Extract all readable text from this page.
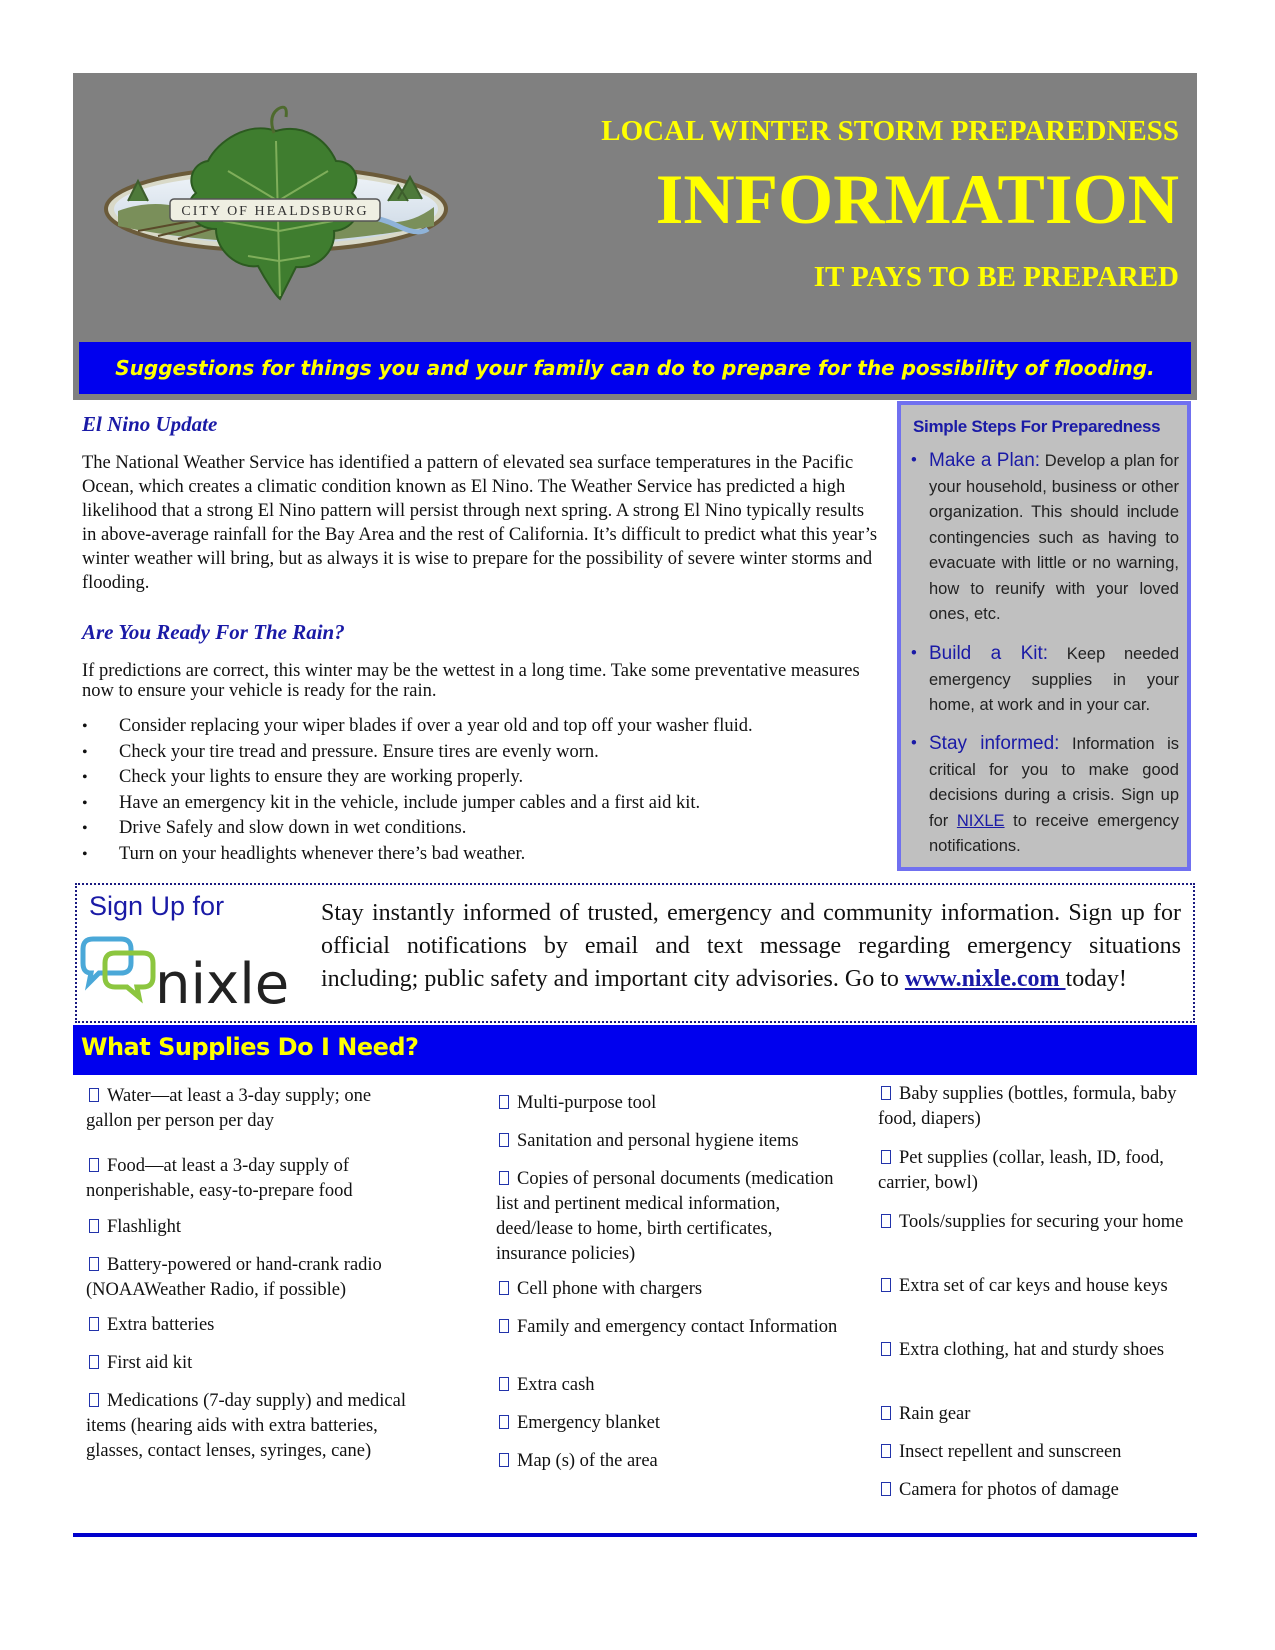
CITY OF HEALDSBURG
LOCAL WINTER STORM PREPAREDNESS
INFORMATION
IT PAYS TO BE PREPARED
Suggestions for things you and your family can do to prepare for the possibility of flooding.
El Nino Update
The National Weather Service has identified a pattern of elevated sea surface temperatures in the Pacific Ocean, which creates a climatic condition known as El Nino. The Weather Service has predicted a high likelihood that a strong El Nino pattern will persist through next spring. A strong El Nino typically results in above-average rainfall for the Bay Area and the rest of California. It’s difficult to predict what this year’s winter weather will bring, but as always it is wise to prepare for the possibility of severe winter storms and flooding.
Are You Ready For The Rain?
If predictions are correct, this winter may be the wettest in a long time. Take some preventative measures now to ensure your vehicle is ready for the rain.
• Consider replacing your wiper blades if over a year old and top off your washer fluid.
• Check your tire tread and pressure. Ensure tires are evenly worn.
• Check your lights to ensure they are working properly.
• Have an emergency kit in the vehicle, include jumper cables and a first aid kit.
• Drive Safely and slow down in wet conditions.
• Turn on your headlights whenever there’s bad weather.
Simple Steps For Preparedness
• Make a Plan: Develop a plan for your household, business or other organization. This should include contingencies such as having to evacuate with little or no warning, how to reunify with your loved ones, etc.
• Build a Kit: Keep needed emergency supplies in your home, at work and in your car.
• Stay informed: Information is critical for you to make good decisions during a crisis. Sign up for NIXLE to receive emergency notifications.
Sign Up for
nixle
Stay instantly informed of trusted, emergency and community information. Sign up for official notifications by email and text message regarding emergency situations including; public safety and important city advisories. Go to www.nixle.com today!
What Supplies Do I Need?
Water—at least a 3-day supply; one gallon per person per day
Food—at least a 3-day supply of nonperishable, easy-to-prepare food
Flashlight
Battery-powered or hand-crank radio (NOAAWeather Radio, if possible)
Extra batteries
First aid kit
Medications (7-day supply) and medical items (hearing aids with extra batteries, glasses, contact lenses, syringes, cane)
Multi-purpose tool
Sanitation and personal hygiene items
Copies of personal documents (medication list and pertinent medical information, deed/lease to home, birth certificates, insurance policies)
Cell phone with chargers
Family and emergency contact Information
Extra cash
Emergency blanket
Map (s) of the area
Baby supplies (bottles, formula, baby food, diapers)
Pet supplies (collar, leash, ID, food, carrier, bowl)
Tools/supplies for securing your home
Extra set of car keys and house keys
Extra clothing, hat and sturdy shoes
Rain gear
Insect repellent and sunscreen
Camera for photos of damage
